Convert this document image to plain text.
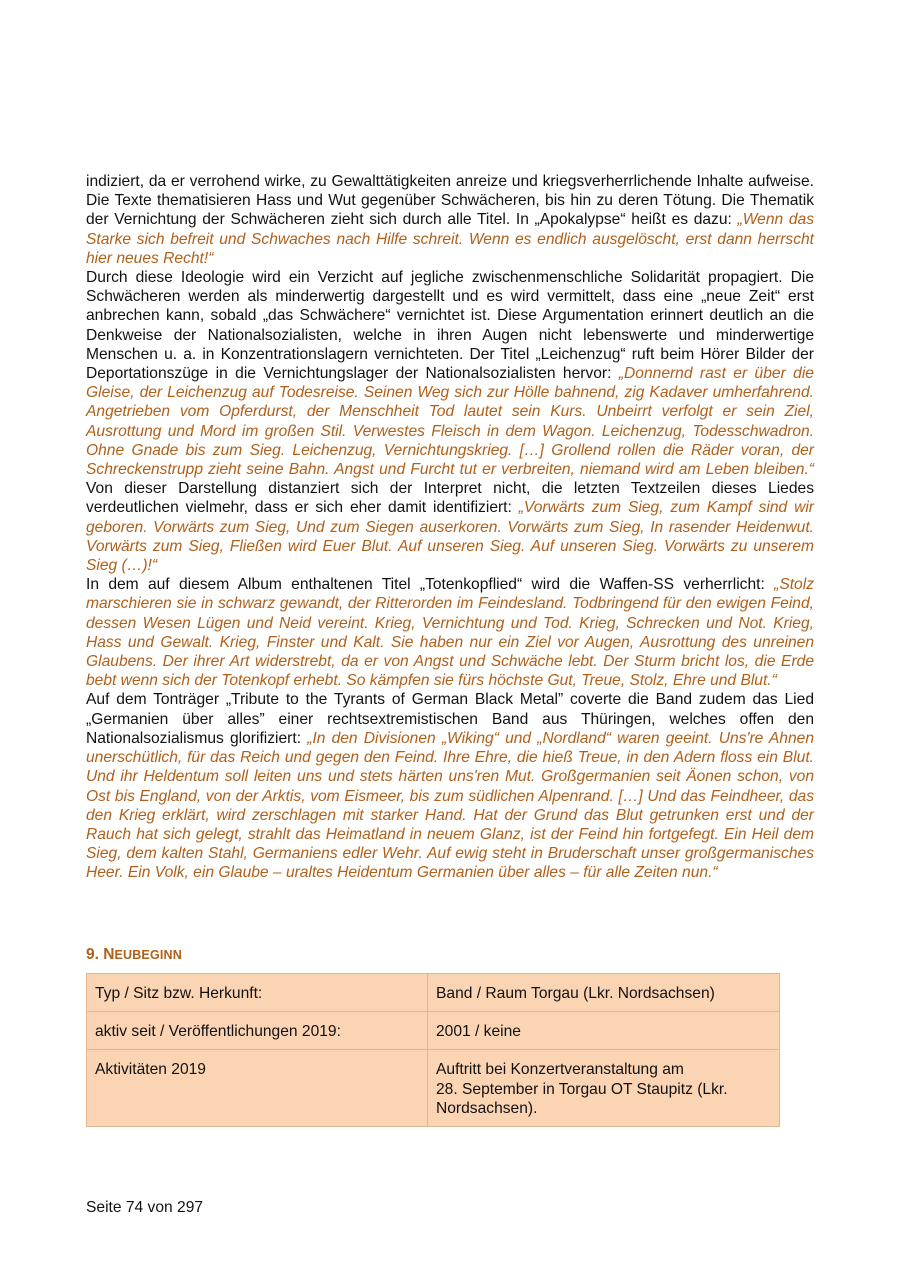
indiziert, da er verrohend wirke, zu Gewalttätigkeiten anreize und kriegsverherrlichende Inhalte aufweise. Die Texte thematisieren Hass und Wut gegenüber Schwächeren, bis hin zu deren Tötung. Die Thematik der Vernichtung der Schwächeren zieht sich durch alle Titel. In „Apokalypse“ heißt es dazu: „Wenn das Starke sich befreit und Schwaches nach Hilfe schreit. Wenn es endlich ausgelöscht, erst dann herrscht hier neues Recht!“

Durch diese Ideologie wird ein Verzicht auf jegliche zwischenmenschliche Solidarität propagiert. Die Schwächeren werden als minderwertig dargestellt und es wird vermittelt, dass eine „neue Zeit“ erst anbrechen kann, sobald „das Schwächere“ vernichtet ist. Diese Argumentation erinnert deutlich an die Denkweise der Nationalsozialisten, welche in ihren Augen nicht lebenswerte und minderwertige Menschen u. a. in Konzentrationslagern vernichteten. Der Titel „Leichenzug“ ruft beim Hörer Bilder der Deportationszüge in die Vernichtungslager der Nationalsozialisten hervor: „Donnernd rast er über die Gleise, der Leichenzug auf Todesreise. Seinen Weg sich zur Hölle bahnend, zig Kadaver umherfahrend. Angetrieben vom Opferdurst, der Menschheit Tod lautet sein Kurs. Unbeirrt verfolgt er sein Ziel, Ausrottung und Mord im großen Stil. Verwestes Fleisch in dem Wagon. Leichenzug, Todesschwadron. Ohne Gnade bis zum Sieg. Leichenzug, Vernichtungskrieg. […] Grollend rollen die Räder voran, der Schreckenstrupp zieht seine Bahn. Angst und Furcht tut er verbreiten, niemand wird am Leben bleiben.“ Von dieser Darstellung distanziert sich der Interpret nicht, die letzten Textzeilen dieses Liedes verdeutlichen vielmehr, dass er sich eher damit identifiziert: „Vorwärts zum Sieg, zum Kampf sind wir geboren. Vorwärts zum Sieg, Und zum Siegen auserkoren. Vorwärts zum Sieg, In rasender Heidenwut. Vorwärts zum Sieg, Fließen wird Euer Blut. Auf unseren Sieg. Auf unseren Sieg. Vorwärts zu unserem Sieg (…)!“

In dem auf diesem Album enthaltenen Titel „Totenkopflied“ wird die Waffen-SS verherrlicht: „Stolz marschieren sie in schwarz gewandt, der Ritterorden im Feindesland. Todbringend für den ewigen Feind, dessen Wesen Lügen und Neid vereint. Krieg, Vernichtung und Tod. Krieg, Schrecken und Not. Krieg, Hass und Gewalt. Krieg, Finster und Kalt. Sie haben nur ein Ziel vor Augen, Ausrottung des unreinen Glaubens. Der ihrer Art widerstrebt, da er von Angst und Schwäche lebt. Der Sturm bricht los, die Erde bebt wenn sich der Totenkopf erhebt. So kämpfen sie fürs höchste Gut, Treue, Stolz, Ehre und Blut.“

Auf dem Tonträger „Tribute to the Tyrants of German Black Metal” coverte die Band zudem das Lied „Germanien über alles” einer rechtsextremistischen Band aus Thüringen, welches offen den Nationalsozialismus glorifiziert: „In den Divisionen „Wiking“ und „Nordland“ waren geeint. Uns're Ahnen unerschütlich, für das Reich und gegen den Feind. Ihre Ehre, die hieß Treue, in den Adern floss ein Blut. Und ihr Heldentum soll leiten uns und stets härten uns'ren Mut. Großgermanien seit Äonen schon, von Ost bis England, von der Arktis, vom Eismeer, bis zum südlichen Alpenrand. […] Und das Feindheer, das den Krieg erklärt, wird zerschlagen mit starker Hand. Hat der Grund das Blut getrunken erst und der Rauch hat sich gelegt, strahlt das Heimatland in neuem Glanz, ist der Feind hin fortgefegt. Ein Heil dem Sieg, dem kalten Stahl, Germaniens edler Wehr. Auf ewig steht in Bruderschaft unser großgermanisches Heer. Ein Volk, ein Glaube – uraltes Heidentum Germanien über alles – für alle Zeiten nun.“

9. NEUBEGINN
Typ / Sitz bzw. Herkunft:	Band / Raum Torgau (Lkr. Nordsachsen)
aktiv seit / Veröffentlichungen 2019:	2001 / keine
Aktivitäten 2019	Auftritt bei Konzertveranstaltung am
28. September in Torgau OT Staupitz (Lkr. Nordsachsen).
Seite 74 von 297
